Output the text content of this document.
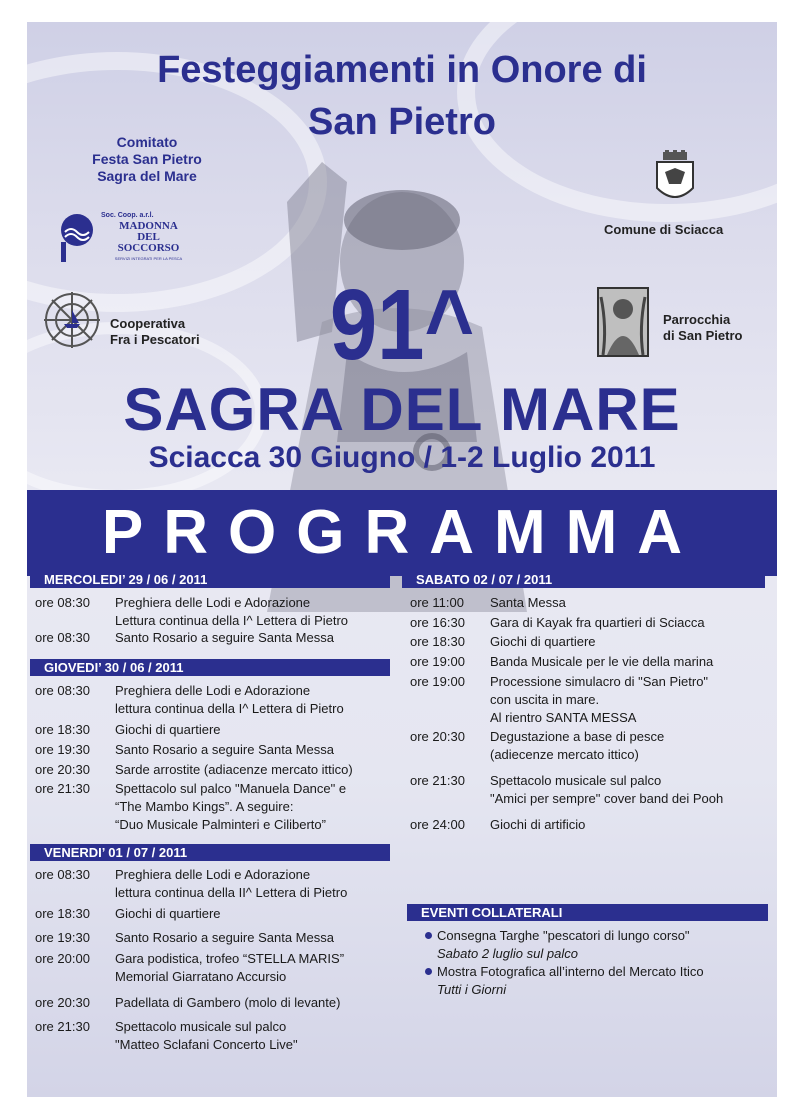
Festeggiamenti in Onore di
San Pietro
Comitato
Festa San Pietro
Sagra del Mare
Soc. Coop. a.r.l.
MADONNA
DEL
SOCCORSO
SERVIZI INTEGRATI PER LA PESCA
Cooperativa
Fra i Pescatori
Comune di Sciacca
Parrocchia
di San Pietro
91^
SAGRA DEL MARE
Sciacca 30 Giugno / 1-2 Luglio 2011
PROGRAMMA
MERCOLEDI’ 29 / 06 / 2011
ore 08:30	Preghiera delle Lodi e Adorazione
Lettura continua della I^ Lettera di Pietro
ore 08:30	Santo Rosario a seguire Santa Messa
GIOVEDI’ 30 / 06 / 2011
ore 08:30	Preghiera delle Lodi e Adorazione
lettura continua della I^ Lettera di Pietro
ore 18:30	Giochi di quartiere
ore 19:30	Santo Rosario a seguire Santa Messa
ore 20:30	Sarde arrostite (adiacenze mercato ittico)
ore 21:30	Spettacolo sul palco "Manuela Dance" e
“The Mambo Kings”. A seguire:
“Duo Musicale Palminteri e Ciliberto”
VENERDI’ 01 / 07 / 2011
ore 08:30	Preghiera delle Lodi e Adorazione
lettura continua della II^ Lettera di Pietro
ore 18:30	Giochi di quartiere
ore 19:30	Santo Rosario a seguire Santa Messa
ore 20:00	Gara podistica, trofeo “STELLA MARIS”
Memorial Giarratano Accursio
ore 20:30	Padellata di Gambero (molo di levante)
ore 21:30	Spettacolo musicale sul palco
"Matteo Sclafani Concerto Live"
SABATO 02 / 07 / 2011
ore 11:00	Santa Messa
ore 16:30	Gara di Kayak fra quartieri di Sciacca
ore 18:30	Giochi di quartiere
ore 19:00	Banda Musicale per le vie della marina
ore 19:00	Processione simulacro di "San Pietro"
con uscita in mare.
Al rientro SANTA MESSA
ore 20:30	Degustazione a base di pesce
(adiecenze mercato ittico)
ore 21:30	Spettacolo musicale sul palco
"Amici per sempre" cover band dei Pooh
ore 24:00	Giochi di artificio
EVENTI COLLATERALI
Consegna Targhe "pescatori di lungo corso"
Sabato 2 luglio sul palco
Mostra Fotografica all’interno del Mercato Itico
Tutti i Giorni
